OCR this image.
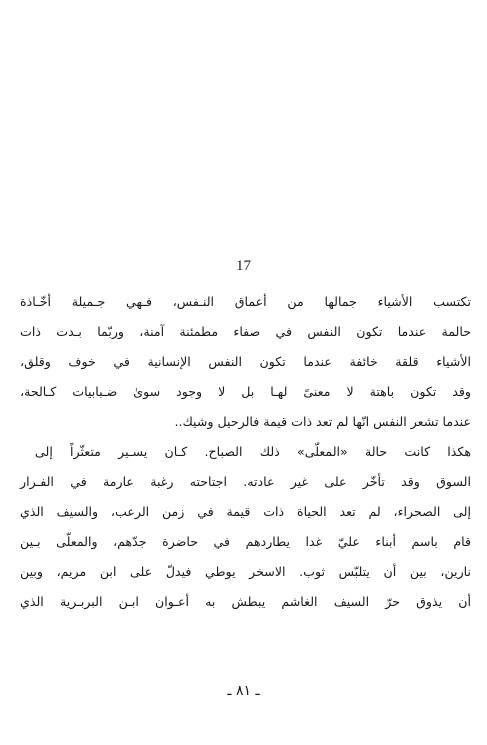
17
تكتسب الأشياء جمالها من أعماق النـفس، فـهي جـميلة أخّـاذة
حالمة عندما تكون النفس في صفاء مطمئنة آمنة، وربّما بـدت ذات
الأشياء قلقة خائفة عندما تكون النفس الإنسانية في خوف وقلق،
وقد تكون باهتة لا معنىً لهـا بل لا وجود سوىٰ ضـبابيات كـالحة،
عندما تشعر النفس انّها لم تعد ذات قيمة فالرحيل وشيك..
هكذا كانت حالة «المعلّى» ذلك الصباح. كـان يسـير متعثّراً إلى
السوق وقد تأخّر على غير عادته. اجتاحته رغبة عارمة في الفـرار
إلى الصحراء، لم تعد الحياة ذات قيمة في زمن الرعب، والسيف الذي
قام باسم أبناء عليّ غدا يطاردهم في حاضرة جدّهم، والمعلّى بـين
نارين، بين أن يتلبّس ثوب. الاسخر يوطي فيدلّ على ابن مريم، وبين
أن يذوق حرّ السيف الغاشم يبطش به أعـوان ابـن البربـرية الذي
ـ ٨١ ـ
